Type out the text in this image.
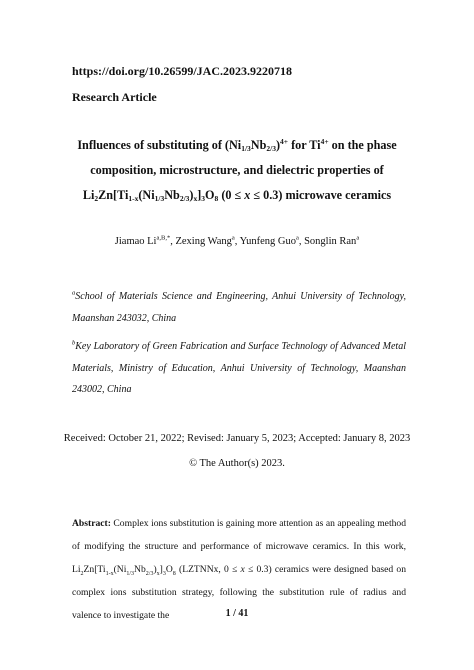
https://doi.org/10.26599/JAC.2023.9220718
Research Article
Influences of substituting of $(Ni_{1/3}Nb_{2/3})^{4+}$ for $Ti^{4+}$ on the phase
composition, microstructure, and dielectric properties of
$Li_2Zn[Ti_{1-x}(Ni_{1/3}Nb_{2/3})_x]_3O_8$ (0 ≤ x ≤ 0.3) microwave ceramics
Jiamao $Li^{a,B,*}$, Zexing Wang$^a$, Yunfeng Guo$^a$, Songlin Ran$^a$
$^a$School of Materials Science and Engineering, Anhui University of Technology, Maanshan 243032, China
$^b$Key Laboratory of Green Fabrication and Surface Technology of Advanced Metal Materials, Ministry of Education, Anhui University of Technology, Maanshan 243002, China
Received: October 21, 2022; Revised: January 5, 2023; Accepted: January 8, 2023
© The Author(s) 2023.
Abstract: Complex ions substitution is gaining more attention as an appealing method of modifying the structure and performance of microwave ceramics. In this work, $Li_2Zn[Ti_{1-x}(Ni_{1/3}Nb_{2/3})_x]_3O_8$ (LZTNNx, 0 ≤ x ≤ 0.3) ceramics were designed based on complex ions substitution strategy, following the substitution rule of radius and valence to investigate the	1 / 41
